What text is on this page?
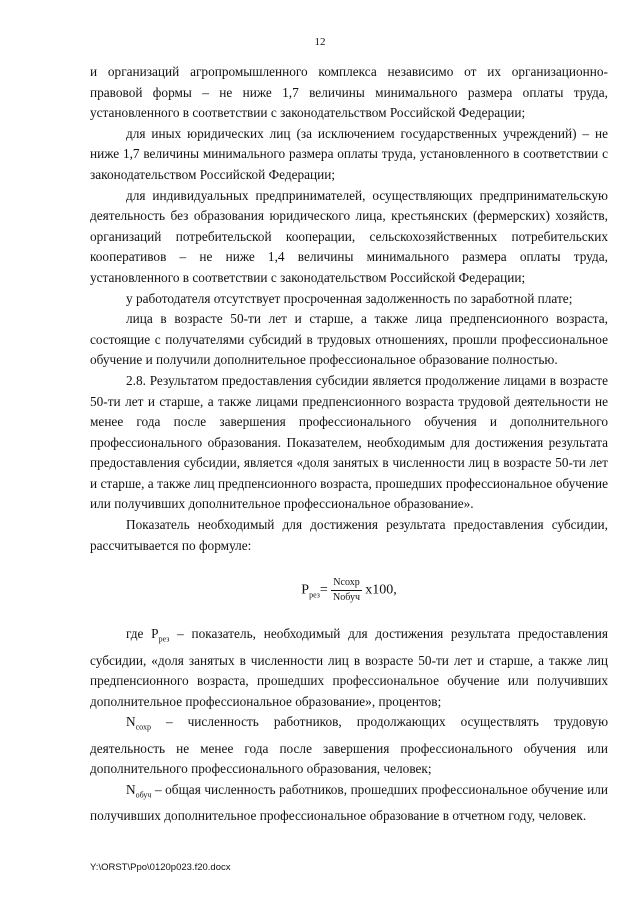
12

и организаций агропромышленного комплекса независимо от их организационно-правовой формы – не ниже 1,7 величины минимального размера оплаты труда, установленного в соответствии с законодательством Российской Федерации;

для иных юридических лиц (за исключением государственных учреждений) – не ниже 1,7 величины минимального размера оплаты труда, установленного в соответствии с законодательством Российской Федерации;

для индивидуальных предпринимателей, осуществляющих предпринимательскую деятельность без образования юридического лица, крестьянских (фермерских) хозяйств, организаций потребительской кооперации, сельскохозяйственных потребительских кооперативов – не ниже 1,4 величины минимального размера оплаты труда, установленного в соответствии с законодательством Российской Федерации;

у работодателя отсутствует просроченная задолженность по заработной плате;

лица в возрасте 50-ти лет и старше, а также лица предпенсионного возраста, состоящие с получателями субсидий в трудовых отношениях, прошли профессиональное обучение и получили дополнительное профессиональное образование полностью.

2.8. Результатом предоставления субсидии является продолжение лицами в возрасте 50-ти лет и старше, а также лицами предпенсионного возраста трудовой деятельности не менее года после завершения профессионального обучения и дополнительного профессионального образования. Показателем, необходимым для достижения результата предоставления субсидии, является «доля занятых в численности лиц в возрасте 50-ти лет и старше, а также лиц предпенсионного возраста, прошедших профессиональное обучение или получивших дополнительное профессиональное образование».

Показатель необходимый для достижения результата предоставления субсидии, рассчитывается по формуле:

$P_{рез}= \frac{\text{Nсохр}}{\text{Nобуч}} x100$,

где $P_{рез}$ – показатель, необходимый для достижения результата предоставления субсидии, «доля занятых в численности лиц в возрасте 50-ти лет и старше, а также лиц предпенсионного возраста, прошедших профессиональное обучение или получивших дополнительное профессиональное образование», процентов;

$N_{сохр}$ – численность работников, продолжающих осуществлять трудовую деятельность не менее года после завершения профессионального обучения или дополнительного профессионального образования, человек;

$N_{обуч}$ – общая численность работников, прошедших профессиональное обучение или получивших дополнительное профессиональное образование в отчетном году, человек.

Y:\ORST\Ppo\0120p023.f20.docx
